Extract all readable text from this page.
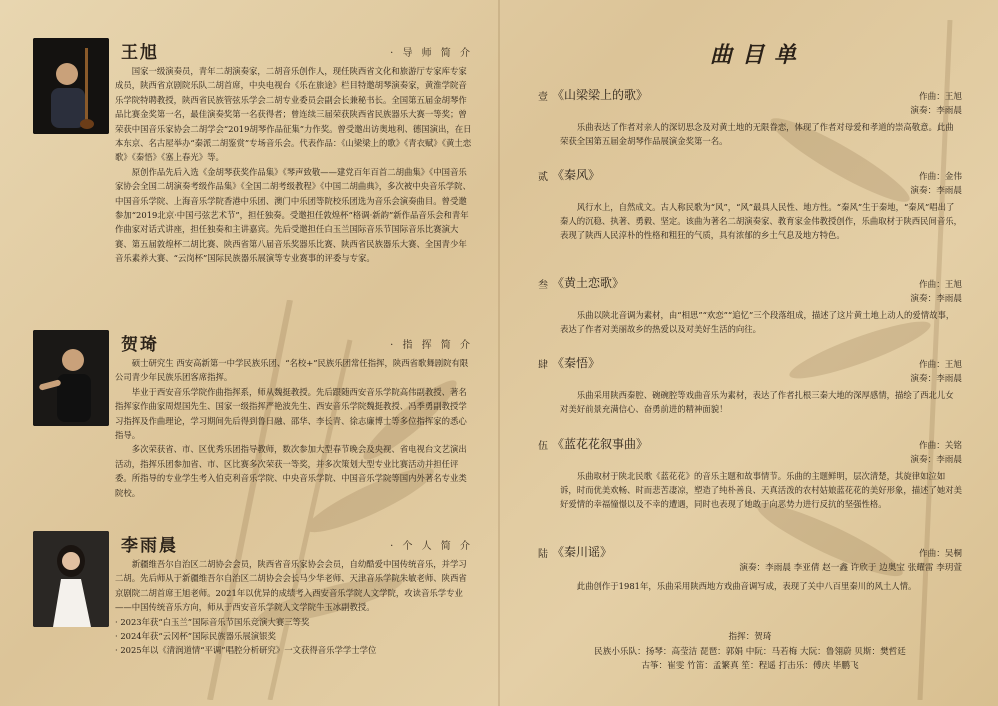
王旭	· 导 师 简 介

国家一级演奏员，青年二胡演奏家，二胡音乐创作人，现任陕西省文化和旅游厅专家库专家成员，陕西省京剧院乐队二胡首席，中央电视台《乐在旅途》栏目特邀胡琴演奏家，黄淮学院音乐学院特聘教授，陕西省民族管弦乐学会二胡专业委员会副会长兼秘书长。全国第五届金胡琴作品比赛金奖第一名，最佳演奏奖第一名获得者；曾连续三届荣获陕西省民族器乐大赛一等奖；曾荣获中国音乐家协会二胡学会“2019胡琴作品征集”力作奖。曾受邀出访奥地利、德国演出，在日本东京、名古屋举办“秦派二胡鉴赏”专场音乐会。代表作品：《山梁梁上的歌》《青衣赋》《黄土恋歌》《秦悟》《塞上春光》等。

原创作品先后入选《金胡琴获奖作品集》《琴声致敬——建党百年百首二胡曲集》《中国音乐家协会全国二胡演奏考级作品集》《全国二胡考级教程》《中国二胡曲典》，多次被中央音乐学院、中国音乐学院、上海音乐学院香港中乐团、澳门中乐团等院校乐团选为音乐会演奏曲目。曾受邀参加“2019北京·中国弓弦艺术节”，担任独奏。受邀担任敦煌杯“格调·新韵”新作品音乐会和青年作曲家对话式讲座，担任独奏和主讲嘉宾。先后受邀担任白玉兰国际音乐节国际音乐比赛演大赛、第五届敦煌杯二胡比赛、陕西省第八届音乐奖器乐比赛、陕西省民族器乐大赛、全国青少年音乐素养大赛、“云岗杯”国际民族器乐展演等专业赛事的评委与专家。

贺琦	· 指 挥 简 介

硕士研究生 西安高新第一中学民族乐团、“名校+”民族乐团常任指挥，陕西省歌舞剧院有限公司青少年民族乐团客席指挥。

毕业于西安音乐学院作曲指挥系，师从魏挺教授。先后跟随西安音乐学院高伟副教授、著名指挥家作曲家周煜国先生、国家一级指挥严艳波先生、西安音乐学院魏挺教授、冯季勇副教授学习指挥及作曲理论，学习期间先后得到鲁日融、邵华、李长青、徐志廉博士等多位指挥家的悉心指导。

多次荣获省、市、区优秀乐团指导教师，数次参加大型春节晚会及央视、省电视台文艺演出活动，指挥乐团参加省、市、区比赛多次荣获一等奖，并多次策划大型专业比赛活动并担任评委。所指导的专业学生考入伯克利音乐学院、中央音乐学院、中国音乐学院等国内外著名专业类院校。

李雨晨	· 个 人 简 介

新疆维吾尔自治区二胡协会会员，陕西省音乐家协会会员，自幼酷爱中国传统音乐，并学习二胡。先后师从于新疆维吾尔自治区二胡协会会长马少华老师、天津音乐学院朱敏老师、陕西省京剧院二胡首席王旭老师。2021年以优异的成绩考入西安音乐学院人文学院，攻读音乐学专业——中国传统音乐方向，师从于西安音乐学院人文学院牛玉冰副教授。

· 2023年获“白玉兰”国际音乐节国乐竞演大赛三等奖

· 2024年获“云冈杯”国际民族器乐展演银奖

· 2025年以《清润道情“平调”唱腔分析研究》一文获得音乐学学士学位

曲目单
壹 《山梁梁上的歌》	作曲：王旭
演奏：李雨晨
乐曲表达了作者对亲人的深切思念及对黄土地的无限眷恋，体现了作者对母爱和孝道的崇高敬意。此曲荣获全国第五届金胡琴作品展演金奖第一名。
贰 《秦风》	作曲：金伟
演奏：李雨晨
风行水上，自然成文。古人称民歌为“风”，“风”最具人民性、地方性。“秦风”生于秦地，“秦风”唱出了秦人的沉稳、执著、勇毅、坚定。该曲为著名二胡演奏家、教育家金伟教授创作，乐曲取材于陕西民间音乐，表现了陕西人民淳朴的性格和粗狂的气质，具有浓郁的乡土气息及地方特色。
叁 《黄土恋歌》	作曲：王旭
演奏：李雨晨
乐曲以陕北音调为素材，由“相思”“欢恋”“追忆”三个段落组成，描述了这片黄土地上动人的爱情故事，表达了作者对美丽故乡的热爱以及对美好生活的向往。
肆 《秦悟》	作曲：王旭
演奏：李雨晨
乐曲采用陕西秦腔、碗碗腔等戏曲音乐为素材，表达了作者扎根三秦大地的深厚感情，描绘了西北儿女对美好前景充满信心、奋勇前进的精神面貌！
伍 《蓝花花叙事曲》	作曲：关铭
演奏：李雨晨
乐曲取材于陕北民歌《蓝花花》的音乐主题和故事情节。乐曲的主题鲜明，层次清楚，其旋律如泣如诉，时而优美欢畅、时而悲苦凄凉，塑造了纯朴善良、天真活泼的农村姑娘蓝花花的美好形象，描述了她对美好爱情的幸福憧憬以及不幸的遭遇，同时也表现了她敢于向恶势力进行反抗的坚强性格。
陆 《秦川谣》	作曲：吴桐
演奏：李雨晨 李亚倩 赵一鑫 许欣于 边奥宝 张耀雷 李玥萱
此曲创作于1981年，乐曲采用陕西地方戏曲音调写成，表现了关中八百里秦川的风土人情。
指挥：贺琦
民族小乐队：扬琴：高莹洁 琵琶：郭娟 中阮：马若梅 大阮：鲁翎蔚 贝斯：樊哲廷
古筝：崔雯 竹笛：孟繁真 笙：程遥 打击乐：傅庆 毕鹏飞
